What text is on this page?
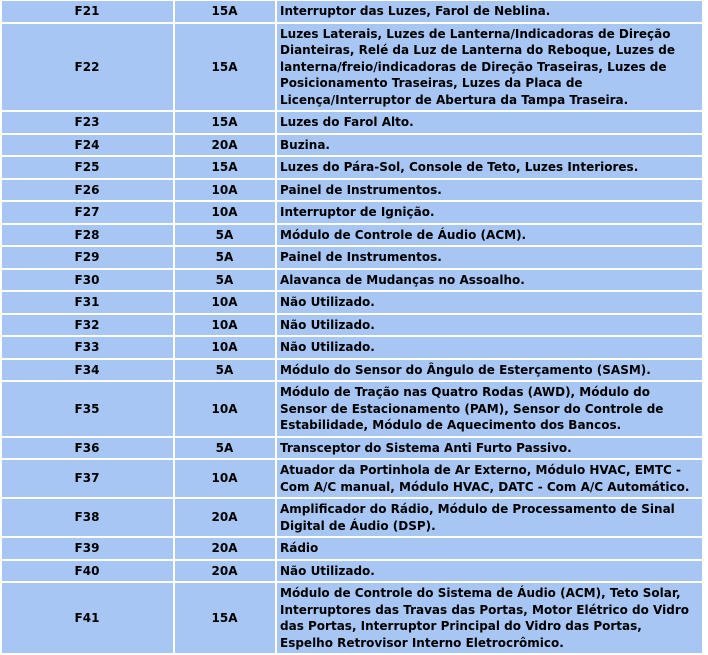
F21	15A	Interruptor das Luzes, Farol de Neblina.
F22	15A	Luzes Laterais, Luzes de Lanterna/Indicadoras de Direção Dianteiras, Relé da Luz de Lanterna do Reboque, Luzes de lanterna/freio/indicadoras de Direção Traseiras, Luzes de Posicionamento Traseiras, Luzes da Placa de Licença/Interruptor de Abertura da Tampa Traseira.
F23	15A	Luzes do Farol Alto.
F24	20A	Buzina.
F25	15A	Luzes do Pára-Sol, Console de Teto, Luzes Interiores.
F26	10A	Painel de Instrumentos.
F27	10A	Interruptor de Ignição.
F28	5A	Módulo de Controle de Áudio (ACM).
F29	5A	Painel de Instrumentos.
F30	5A	Alavanca de Mudanças no Assoalho.
F31	10A	Não Utilizado.
F32	10A	Não Utilizado.
F33	10A	Não Utilizado.
F34	5A	Módulo do Sensor do Ângulo de Esterçamento (SASM).
F35	10A	Módulo de Tração nas Quatro Rodas (AWD), Módulo do Sensor de Estacionamento (PAM), Sensor do Controle de Estabilidade, Módulo de Aquecimento dos Bancos.
F36	5A	Transceptor do Sistema Anti Furto Passivo.
F37	10A	Atuador da Portinhola de Ar Externo, Módulo HVAC, EMTC - Com A/C manual, Módulo HVAC, DATC - Com A/C Automático.
F38	20A	Amplificador do Rádio, Módulo de Processamento de Sinal Digital de Áudio (DSP).
F39	20A	Rádio
F40	20A	Não Utilizado.
F41	15A	Módulo de Controle do Sistema de Áudio (ACM), Teto Solar, Interruptores das Travas das Portas, Motor Elétrico do Vidro das Portas, Interruptor Principal do Vidro das Portas, Espelho Retrovisor Interno Eletrocrômico.
